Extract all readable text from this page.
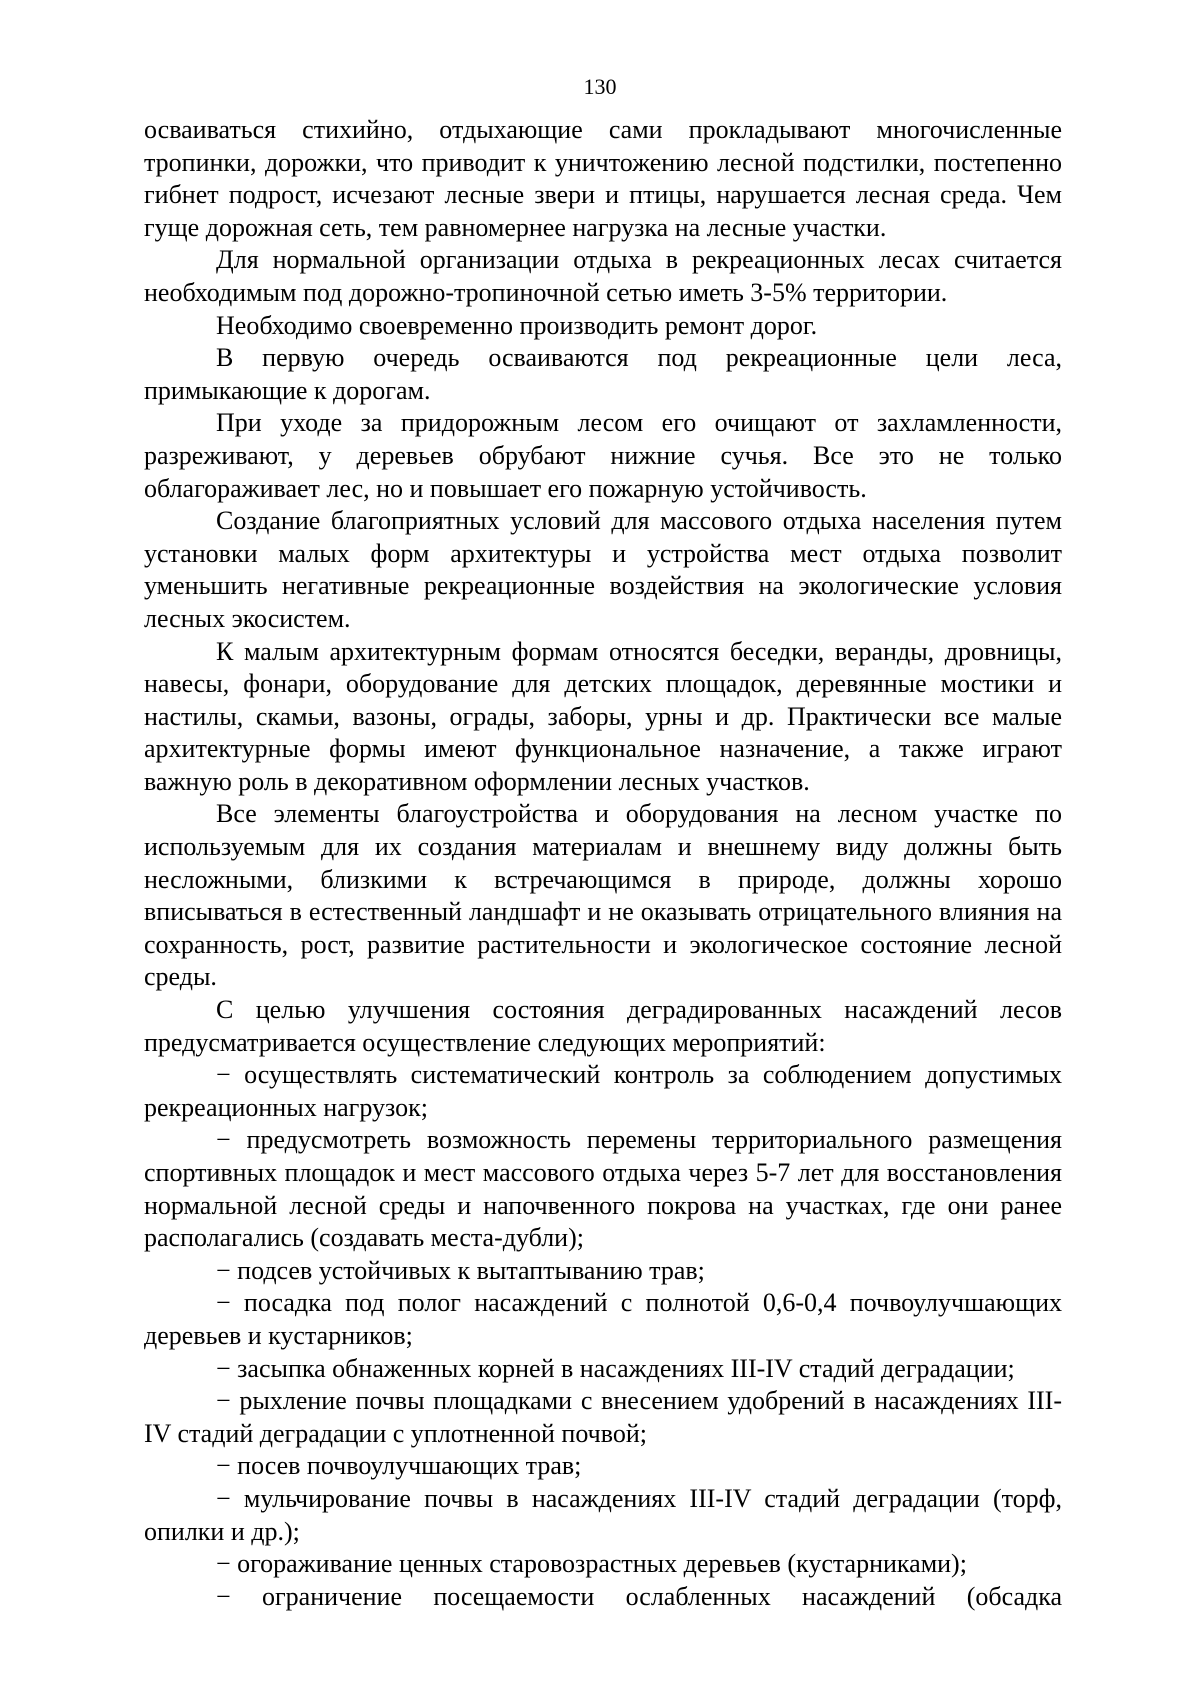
130

осваиваться стихийно, отдыхающие сами прокладывают многочисленные тропинки, дорожки, что приводит к уничтожению лесной подстилки, постепенно гибнет подрост, исчезают лесные звери и птицы, нарушается лесная среда. Чем гуще дорожная сеть, тем равномернее нагрузка на лесные участки.

Для нормальной организации отдыха в рекреационных лесах считается необходимым под дорожно-тропиночной сетью иметь 3-5% территории.

Необходимо своевременно производить ремонт дорог.

В первую очередь осваиваются под рекреационные цели леса, примыкающие к дорогам.

При уходе за придорожным лесом его очищают от захламленности, разреживают, у деревьев обрубают нижние сучья. Все это не только облагораживает лес, но и повышает его пожарную устойчивость.

Создание благоприятных условий для массового отдыха населения путем установки малых форм архитектуры и устройства мест отдыха позволит уменьшить негативные рекреационные воздействия на экологические условия лесных экосистем.

К малым архитектурным формам относятся беседки, веранды, дровницы, навесы, фонари, оборудование для детских площадок, деревянные мостики и настилы, скамьи, вазоны, ограды, заборы, урны и др. Практически все малые архитектурные формы имеют функциональное назначение, а также играют важную роль в декоративном оформлении лесных участков.

Все элементы благоустройства и оборудования на лесном участке по используемым для их создания материалам и внешнему виду должны быть несложными, близкими к встречающимся в природе, должны хорошо вписываться в естественный ландшафт и не оказывать отрицательного влияния на сохранность, рост, развитие растительности и экологическое состояние лесной среды.

С целью улучшения состояния деградированных насаждений лесов предусматривается осуществление следующих мероприятий:

− осуществлять систематический контроль за соблюдением допустимых рекреационных нагрузок;

− предусмотреть возможность перемены территориального размещения спортивных площадок и мест массового отдыха через 5-7 лет для восстановления нормальной лесной среды и напочвенного покрова на участках, где они ранее располагались (создавать места-дубли);

− подсев устойчивых к вытаптыванию трав;

− посадка под полог насаждений с полнотой 0,6-0,4 почвоулучшающих деревьев и кустарников;

− засыпка обнаженных корней в насаждениях III-IV стадий деградации;

− рыхление почвы площадками с внесением удобрений в насаждениях III-IV стадий деградации с уплотненной почвой;

− посев почвоулучшающих трав;

− мульчирование почвы в насаждениях III-IV стадий деградации (торф, опилки и др.);

− огораживание ценных старовозрастных деревьев (кустарниками);

− ограничение посещаемости ослабленных насаждений (обсадка
